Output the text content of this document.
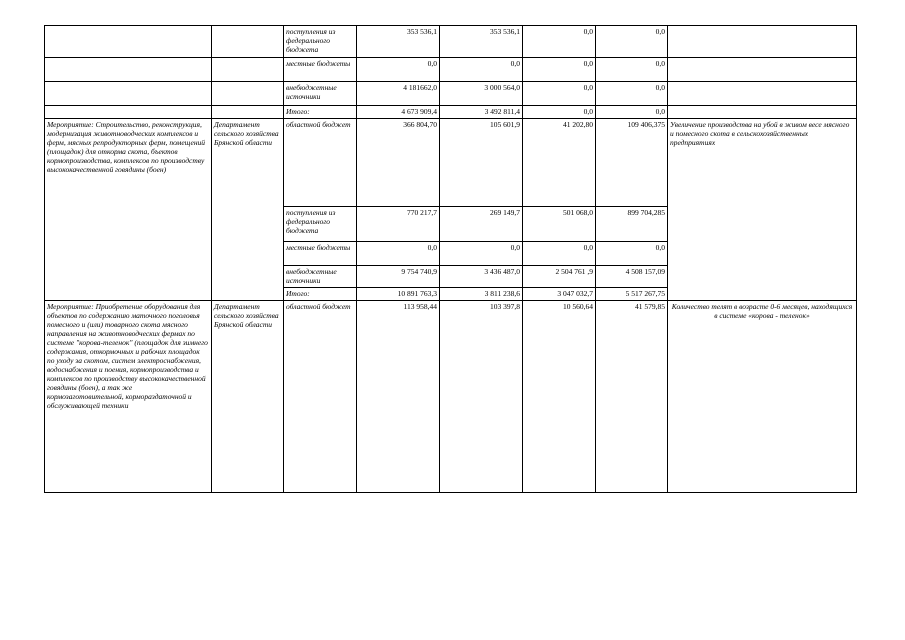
		поступления из федерального бюджета	353 536,1	353 536,1	0,0	0,0	
		местные бюджеты	0,0	0,0	0,0	0,0	
		внебюджетные источники	4 181662,0	3 000 564,0	0,0	0,0	
		Итого:	4 673 909,4	3 492 811,4	0,0	0,0	
Мероприятие: Строительство, реконструкция, модернизация животноводческих комплексов и ферм, мясных репродукторных ферм, помещений (площадок) для откорма скота, бъектов кормопроизводства, комплексов по производству высококачественной говядины (боен)	Департамент сельского хозяйства Брянской области	областной бюджет	366 804,70	105 601,9	41 202,80	109 406,375	Увеличение производства на убой в живом весе мясного и помесного скота в сельскохозяйственных предприятиях
		поступления из федерального бюджета	770 217,7	269 149,7	501 068,0	899 704,285	
		местные бюджеты	0,0	0,0	0,0	0,0	
		внебюджетные источники	9 754 740,9	3 436 487,0	2 504 761 ,9	4 508 157,09	
		Итого:	10 891 763,3	3 811 238,6	3 047 032,7	5 517 267,75	
Мероприятие: Приобретение оборудования для объектов по содержанию маточного поголовья помесного и (или) товарного скота мясного направления на животноводческих фермах по системе "корова-теленок" (площадок для зимнего содержания, откормочных и рабочих площадок по уходу за скотом, систем электроснабжения, водоснабжения и поения, кормопроизводства и комплексов по производству высококачественной говядины (боен), а так же кормозаготовительной, кормораздаточной и обслуживающей техники	Департамент сельского хозяйства Брянской области	областной бюджет	113 958,44	103 397,8	10 560,64	41 579,85	Количество телят в возрасте 0-6 месяцев, находящихся в системе «корова - теленок»
